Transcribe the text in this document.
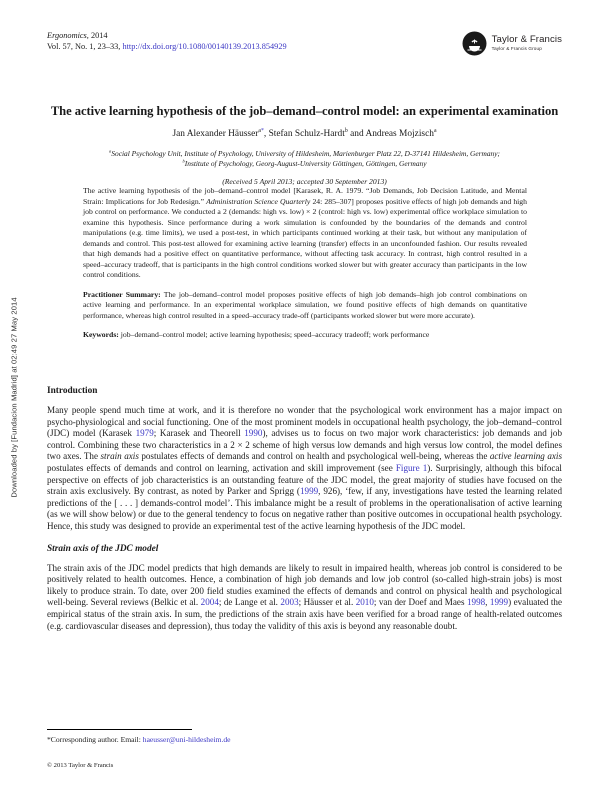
Downloaded by [Fundacion Madrid] at 02:49 27 May 2014
Ergonomics, 2014
Vol. 57, No. 1, 23–33, http://dx.doi.org/10.1080/00140139.2013.854929
Taylor & Francis
Taylor & Francis Group
The active learning hypothesis of the job–demand–control model: an experimental examination
Jan Alexander Häusser$^{a*}$, Stefan Schulz-Hardt$^b$ and Andreas Mojzisch$^a$
$^a$Social Psychology Unit, Institute of Psychology, University of Hildesheim, Marienburger Platz 22, D-37141 Hildesheim, Germany;
$^b$Institute of Psychology, Georg-August-University Göttingen, Göttingen, Germany
(Received 5 April 2013; accepted 30 September 2013)

The active learning hypothesis of the job–demand–control model [Karasek, R. A. 1979. “Job Demands, Job Decision Latitude, and Mental Strain: Implications for Job Redesign.” Administration Science Quarterly 24: 285–307] proposes positive effects of high job demands and high job control on performance. We conducted a 2 (demands: high vs. low) × 2 (control: high vs. low) experimental office workplace simulation to examine this hypothesis. Since performance during a work simulation is confounded by the boundaries of the demands and control manipulations (e.g. time limits), we used a post-test, in which participants continued working at their task, but without any manipulation of demands and control. This post-test allowed for examining active learning (transfer) effects in an unconfounded fashion. Our results revealed that high demands had a positive effect on quantitative performance, without affecting task accuracy. In contrast, high control resulted in a speed–accuracy tradeoff, that is participants in the high control conditions worked slower but with greater accuracy than participants in the low control conditions.

Practitioner Summary: The job–demand–control model proposes positive effects of high job demands–high job control combinations on active learning and performance. In an experimental workplace simulation, we found positive effects of high demands on quantitative performance, whereas high control resulted in a speed–accuracy trade-off (participants worked slower but were more accurate).

Keywords: job–demand–control model; active learning hypothesis; speed–accuracy tradeoff; work performance

Introduction

Many people spend much time at work, and it is therefore no wonder that the psychological work environment has a major impact on psycho-physiological and social functioning. One of the most prominent models in occupational health psychology, the job–demand–control (JDC) model (Karasek 1979; Karasek and Theorell 1990), advises us to focus on two major work characteristics: job demands and job control. Combining these two characteristics in a 2 × 2 scheme of high versus low demands and high versus low control, the model defines two axes. The strain axis postulates effects of demands and control on health and psychological well-being, whereas the active learning axis postulates effects of demands and control on learning, activation and skill improvement (see Figure 1). Surprisingly, although this bifocal perspective on effects of job characteristics is an outstanding feature of the JDC model, the great majority of studies have focused on the strain axis exclusively. By contrast, as noted by Parker and Sprigg (1999, 926), ‘few, if any, investigations have tested the learning related predictions of the [ . . . ] demands-control model’. This imbalance might be a result of problems in the operationalisation of active learning (as we will show below) or due to the general tendency to focus on negative rather than positive outcomes in occupational health psychology. Hence, this study was designed to provide an experimental test of the active learning hypothesis of the JDC model.

Strain axis of the JDC model

The strain axis of the JDC model predicts that high demands are likely to result in impaired health, whereas job control is considered to be positively related to health outcomes. Hence, a combination of high job demands and low job control (so-called high-strain jobs) is most likely to produce strain. To date, over 200 field studies examined the effects of demands and control on physical health and psychological well-being. Several reviews (Belkic et al. 2004; de Lange et al. 2003; Häusser et al. 2010; van der Doef and Maes 1998, 1999) evaluated the empirical status of the strain axis. In sum, the predictions of the strain axis have been verified for a broad range of health-related outcomes (e.g. cardiovascular diseases and depression), thus today the validity of this axis is beyond any reasonable doubt.

*Corresponding author. Email: haeusser@uni-hildesheim.de
© 2013 Taylor & Francis
